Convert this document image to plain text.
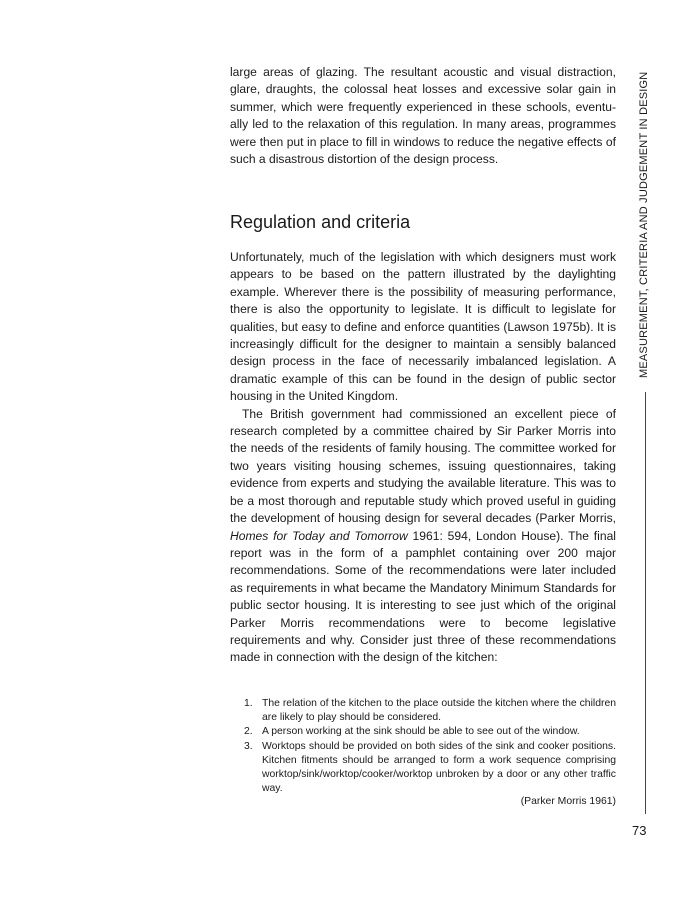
large areas of glazing. The resultant acoustic and visual distraction, glare, draughts, the colossal heat losses and excessive solar gain in summer, which were frequently experienced in these schools, eventually led to the relaxation of this regulation. In many areas, programmes were then put in place to fill in windows to reduce the negative effects of such a disastrous distortion of the design process.

Regulation and criteria

Unfortunately, much of the legislation with which designers must work appears to be based on the pattern illustrated by the daylighting example. Wherever there is the possibility of measuring performance, there is also the opportunity to legislate. It is difficult to legislate for qualities, but easy to define and enforce quantities (Lawson 1975b). It is increasingly difficult for the designer to maintain a sensibly balanced design process in the face of necessarily imbalanced legislation. A dramatic example of this can be found in the design of public sector housing in the United Kingdom.

The British government had commissioned an excellent piece of research completed by a committee chaired by Sir Parker Morris into the needs of the residents of family housing. The committee worked for two years visiting housing schemes, issuing questionnaires, taking evidence from experts and studying the available literature. This was to be a most thorough and reputable study which proved useful in guiding the development of housing design for several decades (Parker Morris, Homes for Today and Tomorrow 1961: 594, London House). The final report was in the form of a pamphlet containing over 200 major recommendations. Some of the recommendations were later included as requirements in what became the Mandatory Minimum Standards for public sector housing. It is interesting to see just which of the original Parker Morris recommendations were to become legislative requirements and why. Consider just three of these recommendations made in connection with the design of the kitchen:

1. The relation of the kitchen to the place outside the kitchen where the children are likely to play should be considered.
2. A person working at the sink should be able to see out of the window.
3. Worktops should be provided on both sides of the sink and cooker positions. Kitchen fitments should be arranged to form a work sequence comprising worktop/sink/worktop/cooker/worktop unbroken by a door or any other traffic way.
(Parker Morris 1961)
MEASUREMENT, CRITERIA AND JUDGEMENT IN DESIGN
73
